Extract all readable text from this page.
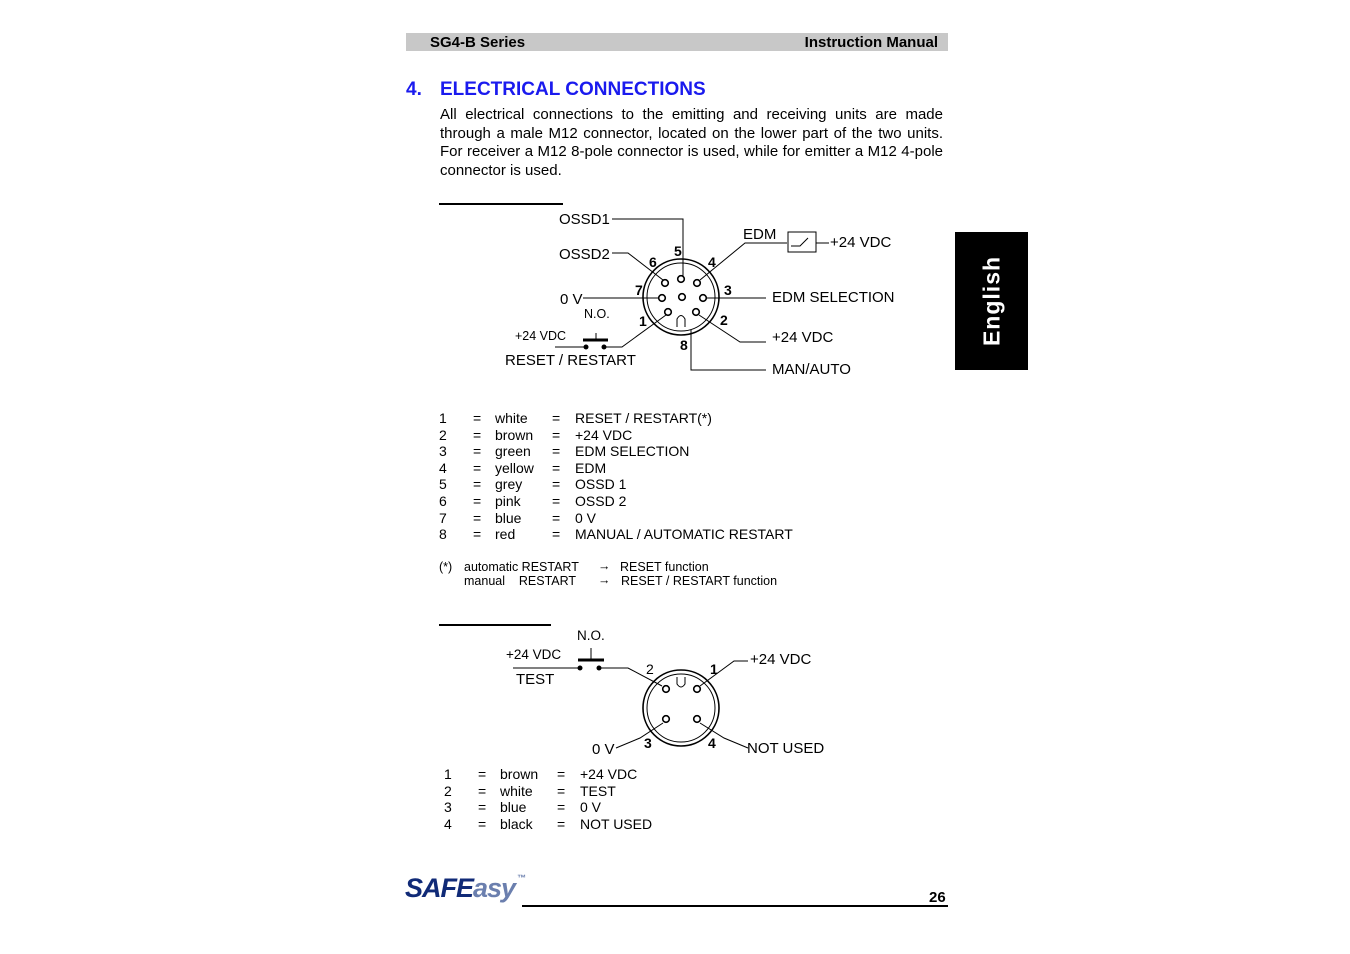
SG4-B Series	Instruction Manual
4. ELECTRICAL CONNECTIONS
All electrical connections to the emitting and receiving units are made through a male M12 connector, located on the lower part of the two units. For receiver a M12 8-pole connector is used, while for emitter a M12 4-pole connector is used.
English
OSSD1
OSSD2
0 V
N.O.
+24 VDC
RESET / RESTART
EDM	+24 VDC
EDM SELECTION
+24 VDC
MAN/AUTO
5
6	4
7	3
1	2
8
1	=	white	=	RESET / RESTART(*)
2	=	brown	=	+24 VDC
3	=	green	=	EDM SELECTION
4	=	yellow	=	EDM
5	=	grey	=	OSSD 1
6	=	pink	=	OSSD 2
7	=	blue	=	0 V
8	=	red	=	MANUAL / AUTOMATIC RESTART
(*) automatic RESTART → RESET function
manual    RESTART → RESET / RESTART function
N.O.
+24 VDC
TEST
+24 VDC
0 V	NOT USED
2	1
3	4
1	=	brown	=	+24 VDC
2	=	white	=	TEST
3	=	blue	=	0 V
4	=	black	=	NOT USED
SAFEasy ™
26
